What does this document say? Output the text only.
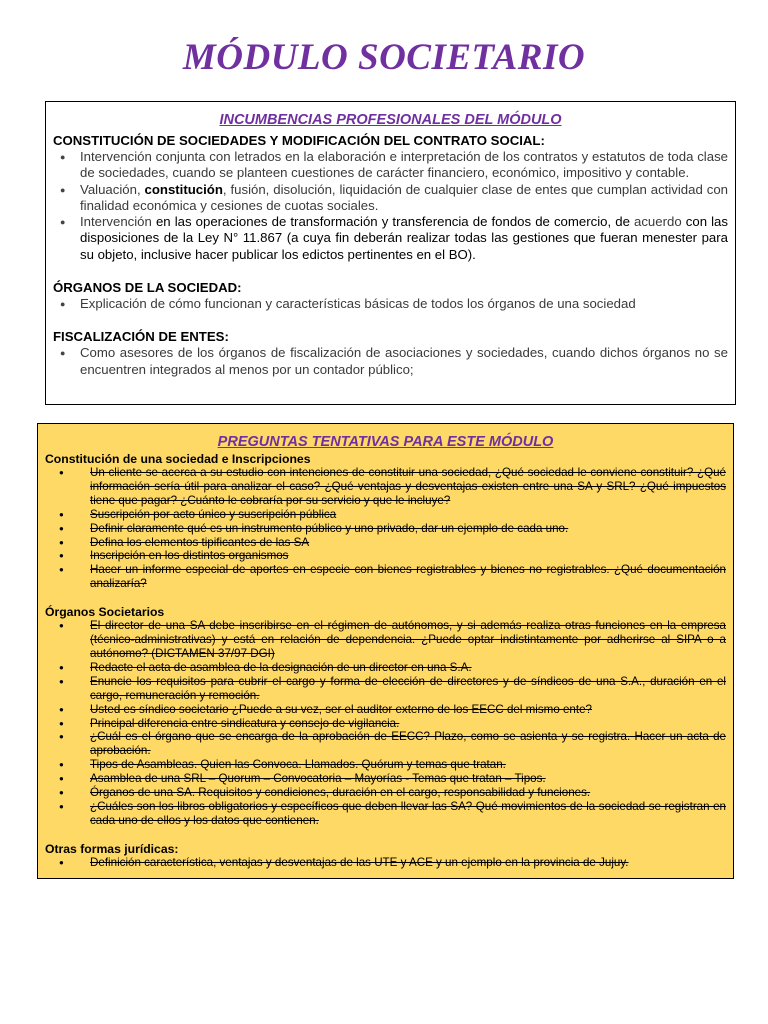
MÓDULO SOCIETARIO

INCUMBENCIAS PROFESIONALES DEL MÓDULO

CONSTITUCIÓN DE SOCIEDADES Y MODIFICACIÓN DEL CONTRATO SOCIAL:

● Intervención conjunta con letrados en la elaboración e interpretación de los contratos y estatutos de toda clase de sociedades, cuando se planteen cuestiones de carácter financiero, económico, impositivo y contable.
● Valuación, constitución, fusión, disolución, liquidación de cualquier clase de entes que cumplan actividad con finalidad económica y cesiones de cuotas sociales.
● Intervención en las operaciones de transformación y transferencia de fondos de comercio, de acuerdo con las disposiciones de la Ley N° 11.867 (a cuya fin deberán realizar todas las gestiones que fueran menester para su objeto, inclusive hacer publicar los edictos pertinentes en el BO).

ÓRGANOS DE LA SOCIEDAD:

● Explicación de cómo funcionan y características básicas de todos los órganos de una sociedad

FISCALIZACIÓN DE ENTES:

● Como asesores de los órganos de fiscalización de asociaciones y sociedades, cuando dichos órganos no se encuentren integrados al menos por un contador público;

PREGUNTAS TENTATIVAS PARA ESTE MÓDULO

Constitución de una sociedad e Inscripciones

● Un cliente se acerca a su estudio con intenciones de constituir una sociedad, ¿Qué sociedad le conviene constituir? ¿Qué información sería útil para analizar el caso? ¿Qué ventajas y desventajas existen entre una SA y SRL? ¿Qué impuestos tiene que pagar? ¿Cuánto le cobraría por su servicio y que le incluye?
● Suscripción por acto único y suscripción pública
● Definir claramente qué es un instrumento público y uno privado, dar un ejemplo de cada uno.
● Defina los elementos tipificantes de las SA
● Inscripción en los distintos organismos
● Hacer un informe especial de aportes en especie con bienes registrables y bienes no registrables. ¿Qué documentación analizaría?

Órganos Societarios

● El director de una SA debe inscribirse en el régimen de autónomos, y si además realiza otras funciones en la empresa (técnico-administrativas) y está en relación de dependencia. ¿Puede optar indistintamente por adherirse al SIPA o a autónomo? (DICTAMEN 37/97 DGI)
● Redacte el acta de asamblea de la designación de un director en una S.A.
● Enuncie los requisitos para cubrir el cargo y forma de elección de directores y de síndicos de una S.A., duración en el cargo, remuneración y remoción.
● Usted es síndico societario ¿Puede a su vez, ser el auditor externo de los EECC del mismo ente?
● Principal diferencia entre sindicatura y consejo de vigilancia.
● ¿Cuál es el órgano que se encarga de la aprobación de EECC? Plazo, como se asienta y se registra. Hacer un acta de aprobación.
● Tipos de Asambleas. Quien las Convoca. Llamados. Quórum y temas que tratan.
● Asamblea de una SRL – Quorum – Convocatoria – Mayorías - Temas que tratan – Tipos.
● Órganos de una SA. Requisitos y condiciones, duración en el cargo, responsabilidad y funciones.
● ¿Cuáles son los libros obligatorios y específicos que deben llevar las SA? Qué movimientos de la sociedad se registran en cada uno de ellos y los datos que contienen.

Otras formas jurídicas:

● Definición característica, ventajas y desventajas de las UTE y ACE y un ejemplo en la provincia de Jujuy.
